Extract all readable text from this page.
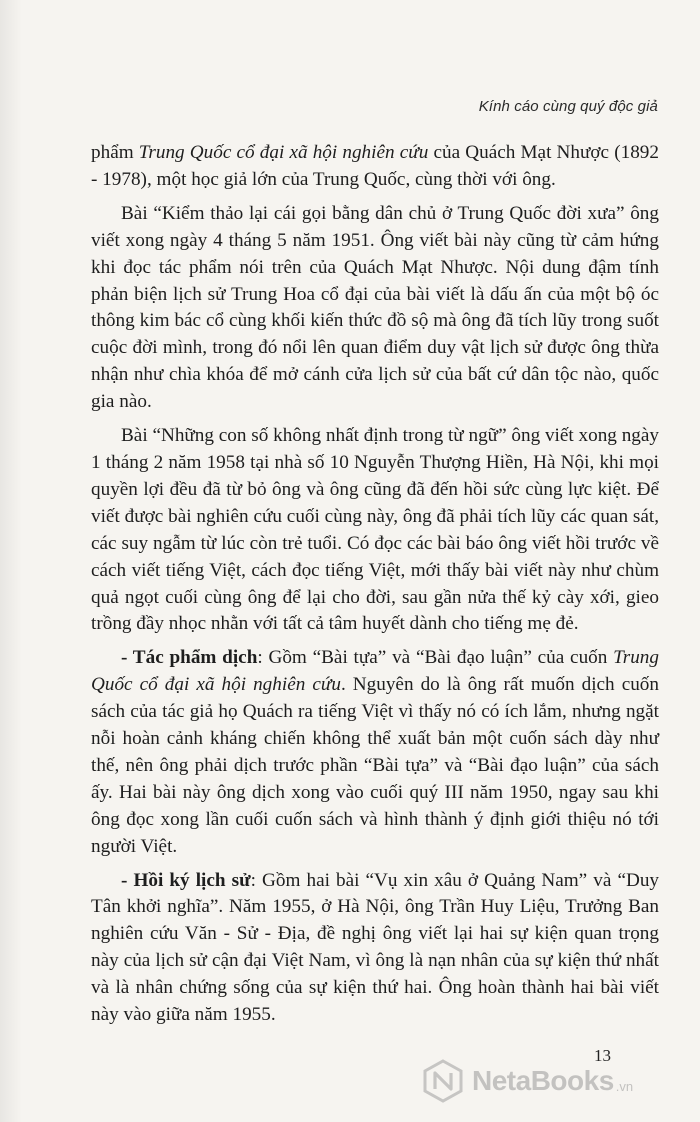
Kính cáo cùng quý độc giả

phẩm Trung Quốc cổ đại xã hội nghiên cứu của Quách Mạt Nhược (1892 - 1978), một học giả lớn của Trung Quốc, cùng thời với ông.

Bài “Kiểm thảo lại cái gọi bằng dân chủ ở Trung Quốc đời xưa” ông viết xong ngày 4 tháng 5 năm 1951. Ông viết bài này cũng từ cảm hứng khi đọc tác phẩm nói trên của Quách Mạt Nhược. Nội dung đậm tính phản biện lịch sử Trung Hoa cổ đại của bài viết là dấu ấn của một bộ óc thông kim bác cổ cùng khối kiến thức đồ sộ mà ông đã tích lũy trong suốt cuộc đời mình, trong đó nổi lên quan điểm duy vật lịch sử được ông thừa nhận như chìa khóa để mở cánh cửa lịch sử của bất cứ dân tộc nào, quốc gia nào.

Bài “Những con số không nhất định trong từ ngữ” ông viết xong ngày 1 tháng 2 năm 1958 tại nhà số 10 Nguyễn Thượng Hiền, Hà Nội, khi mọi quyền lợi đều đã từ bỏ ông và ông cũng đã đến hồi sức cùng lực kiệt. Để viết được bài nghiên cứu cuối cùng này, ông đã phải tích lũy các quan sát, các suy ngẫm từ lúc còn trẻ tuổi. Có đọc các bài báo ông viết hồi trước về cách viết tiếng Việt, cách đọc tiếng Việt, mới thấy bài viết này như chùm quả ngọt cuối cùng ông để lại cho đời, sau gần nửa thế kỷ cày xới, gieo trồng đầy nhọc nhằn với tất cả tâm huyết dành cho tiếng mẹ đẻ.

- Tác phẩm dịch: Gồm “Bài tựa” và “Bài đạo luận” của cuốn Trung Quốc cổ đại xã hội nghiên cứu. Nguyên do là ông rất muốn dịch cuốn sách của tác giả họ Quách ra tiếng Việt vì thấy nó có ích lắm, nhưng ngặt nỗi hoàn cảnh kháng chiến không thể xuất bản một cuốn sách dày như thế, nên ông phải dịch trước phần “Bài tựa” và “Bài đạo luận” của sách ấy. Hai bài này ông dịch xong vào cuối quý III năm 1950, ngay sau khi ông đọc xong lần cuối cuốn sách và hình thành ý định giới thiệu nó tới người Việt.

- Hồi ký lịch sử: Gồm hai bài “Vụ xin xâu ở Quảng Nam” và “Duy Tân khởi nghĩa”. Năm 1955, ở Hà Nội, ông Trần Huy Liệu, Trưởng Ban nghiên cứu Văn - Sử - Địa, đề nghị ông viết lại hai sự kiện quan trọng này của lịch sử cận đại Việt Nam, vì ông là nạn nhân của sự kiện thứ nhất và là nhân chứng sống của sự kiện thứ hai. Ông hoàn thành hai bài viết này vào giữa năm 1955.

13
NetaBooks .vn
